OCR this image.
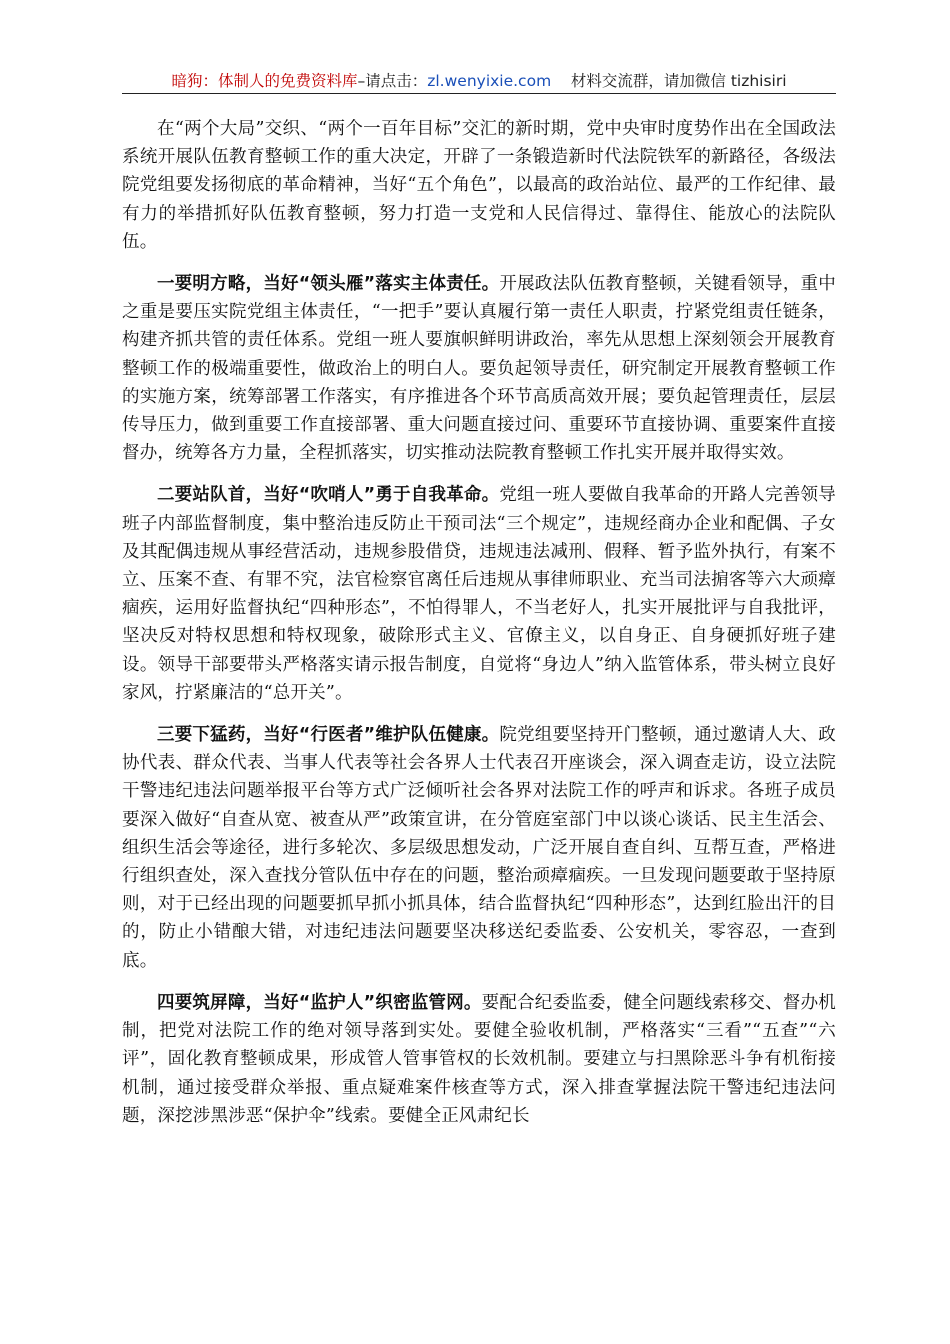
暗狗：体制人的免费资料库–请点击：zl.wenyixie.com 材料交流群，请加微信 tizhisiri

在“两个大局”交织、“两个一百年目标”交汇的新时期，党中央审时度势作出在全国政法系统开展队伍教育整顿工作的重大决定，开辟了一条锻造新时代法院铁军的新路径，各级法院党组要发扬彻底的革命精神，当好“五个角色”，以最高的政治站位、最严的工作纪律、最有力的举措抓好队伍教育整顿，努力打造一支党和人民信得过、靠得住、能放心的法院队伍。

一要明方略，当好“领头雁”落实主体责任。开展政法队伍教育整顿，关键看领导，重中之重是要压实院党组主体责任，“一把手”要认真履行第一责任人职责，拧紧党组责任链条，构建齐抓共管的责任体系。党组一班人要旗帜鲜明讲政治，率先从思想上深刻领会开展教育整顿工作的极端重要性，做政治上的明白人。要负起领导责任，研究制定开展教育整顿工作的实施方案，统筹部署工作落实，有序推进各个环节高质高效开展；要负起管理责任，层层传导压力，做到重要工作直接部署、重大问题直接过问、重要环节直接协调、重要案件直接督办，统筹各方力量，全程抓落实，切实推动法院教育整顿工作扎实开展并取得实效。

二要站队首，当好“吹哨人”勇于自我革命。党组一班人要做自我革命的开路人完善领导班子内部监督制度，集中整治违反防止干预司法“三个规定”，违规经商办企业和配偶、子女及其配偶违规从事经营活动，违规参股借贷，违规违法减刑、假释、暂予监外执行，有案不立、压案不查、有罪不究，法官检察官离任后违规从事律师职业、充当司法掮客等六大顽瘴痼疾，运用好监督执纪“四种形态”，不怕得罪人，不当老好人，扎实开展批评与自我批评，坚决反对特权思想和特权现象，破除形式主义、官僚主义，以自身正、自身硬抓好班子建设。领导干部要带头严格落实请示报告制度，自觉将“身边人”纳入监管体系，带头树立良好家风，拧紧廉洁的“总开关”。

三要下猛药，当好“行医者”维护队伍健康。院党组要坚持开门整顿，通过邀请人大、政协代表、群众代表、当事人代表等社会各界人士代表召开座谈会，深入调查走访，设立法院干警违纪违法问题举报平台等方式广泛倾听社会各界对法院工作的呼声和诉求。各班子成员要深入做好“自查从宽、被查从严”政策宣讲，在分管庭室部门中以谈心谈话、民主生活会、组织生活会等途径，进行多轮次、多层级思想发动，广泛开展自查自纠、互帮互查，严格进行组织查处，深入查找分管队伍中存在的问题，整治顽瘴痼疾。一旦发现问题要敢于坚持原则，对于已经出现的问题要抓早抓小抓具体，结合监督执纪“四种形态”，达到红脸出汗的目的，防止小错酿大错，对违纪违法问题要坚决移送纪委监委、公安机关，零容忍，一查到底。

四要筑屏障，当好“监护人”织密监管网。要配合纪委监委，健全问题线索移交、督办机制，把党对法院工作的绝对领导落到实处。要健全验收机制，严格落实“三看”“五查”“六评”，固化教育整顿成果，形成管人管事管权的长效机制。要建立与扫黑除恶斗争有机衔接机制，通过接受群众举报、重点疑难案件核查等方式，深入排查掌握法院干警违纪违法问题，深挖涉黑涉恶“保护伞”线索。要健全正风肃纪长
